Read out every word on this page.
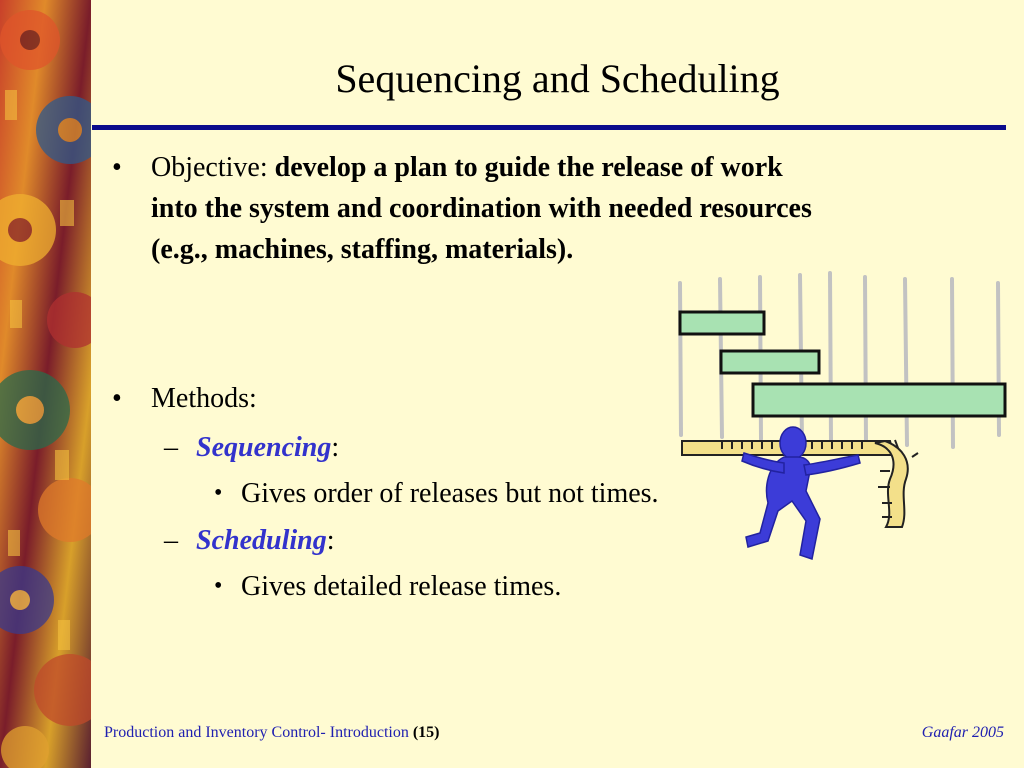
Sequencing and Scheduling
• Objective: develop a plan to guide the release of work
into the system and coordination with needed resources
(e.g., machines, staffing, materials).
• Methods:
– Sequencing:
• Gives order of releases but not times.
– Scheduling:
• Gives detailed release times.
Production and Inventory Control- Introduction (15)	Gaafar 2005
